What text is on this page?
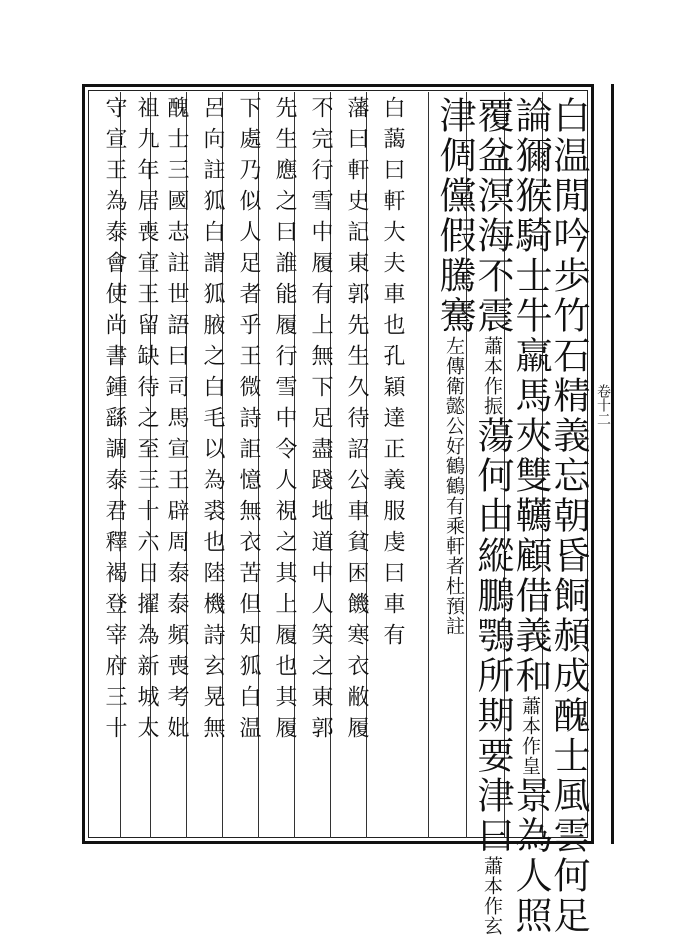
卷十二
白温閒吟歩竹石精義忘朝昏餇頳成醜士風雲何足
論獮猴騎士牛羸馬夾雙韉顧借義和蕭本作皇景為人照
覆盆溟海不震蕭本作振蕩何由縱鵬鶚所期要津曰蕭本作玄
津倜儻假騰騫左傳衛懿公好鶴鶴有乘軒者杜預註
白藹曰軒大夫車也孔穎達正義服虔曰車有
藩曰軒史記東郭先生久待詔公車貧困饑寒衣敝履
不完行雪中履有上無下足盡踐地道中人笑之東郭
先生應之曰誰能履行雪中令人視之其上履也其履
下處乃似人足者乎王微詩詎憶無衣苦但知狐白温
呂向註狐白謂狐腋之白毛以為裘也陸機詩玄晃無
醜士三國志註世語曰司馬宣王辟周泰泰頻喪考妣
祖九年居喪宣王留缺待之至三十六日擢為新城太
守宣王為泰會使尚書鍾繇調泰君釋褐登宰府三十
